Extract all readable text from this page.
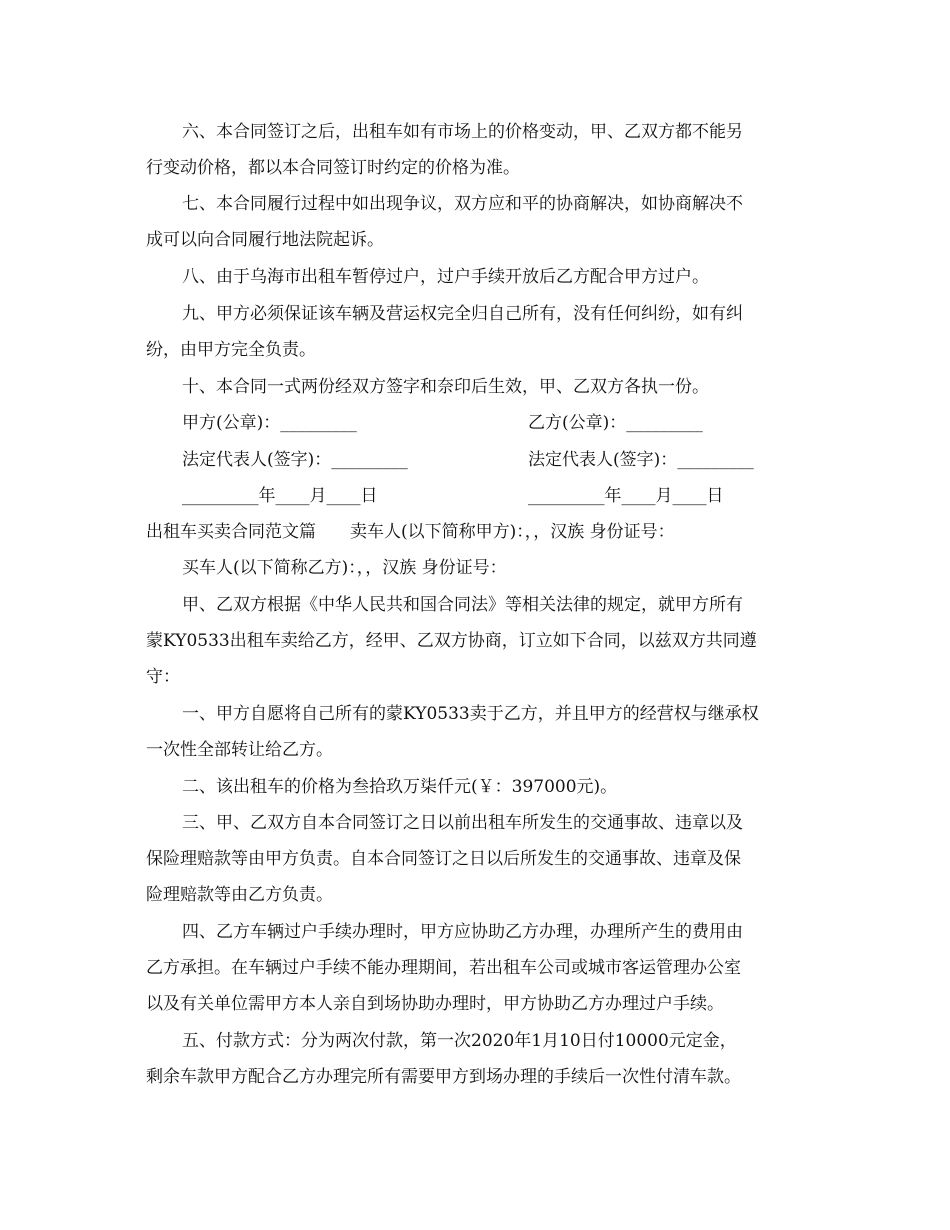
六、本合同签订之后，出租车如有市场上的价格变动，甲、乙双方都不能另
行变动价格，都以本合同签订时约定的价格为准。
七、本合同履行过程中如出现争议，双方应和平的协商解决，如协商解决不
成可以向合同履行地法院起诉。
八、由于乌海市出租车暂停过户，过户手续开放后乙方配合甲方过户。
九、甲方必须保证该车辆及营运权完全归自己所有，没有任何纠纷，如有纠
纷，由甲方完全负责。
十、本合同一式两份经双方签字和奈印后生效，甲、乙双方各执一份。
甲方(公章)：_________	乙方(公章)：_________
法定代表人(签字)：_________	法定代表人(签字)：_________
_________年____月____日	_________年____月____日
出租车买卖合同范文篇　　卖车人(以下简称甲方)：，，汉族 身份证号：
买车人(以下简称乙方)：，，汉族 身份证号：
甲、乙双方根据《中华人民共和国合同法》等相关法律的规定，就甲方所有
蒙KY0533出租车卖给乙方，经甲、乙双方协商，订立如下合同，以兹双方共同遵
守：
一、甲方自愿将自己所有的蒙KY0533卖于乙方，并且甲方的经营权与继承权
一次性全部转让给乙方。
二、该出租车的价格为叁拾玖万柒仟元(￥：397000元)。
三、甲、乙双方自本合同签订之日以前出租车所发生的交通事故、违章以及
保险理赔款等由甲方负责。自本合同签订之日以后所发生的交通事故、违章及保
险理赔款等由乙方负责。
四、乙方车辆过户手续办理时，甲方应协助乙方办理，办理所产生的费用由
乙方承担。在车辆过户手续不能办理期间，若出租车公司或城市客运管理办公室
以及有关单位需甲方本人亲自到场协助办理时，甲方协助乙方办理过户手续。
五、付款方式：分为两次付款，第一次2020年1月10日付10000元定金，
剩余车款甲方配合乙方办理完所有需要甲方到场办理的手续后一次性付清车款。
